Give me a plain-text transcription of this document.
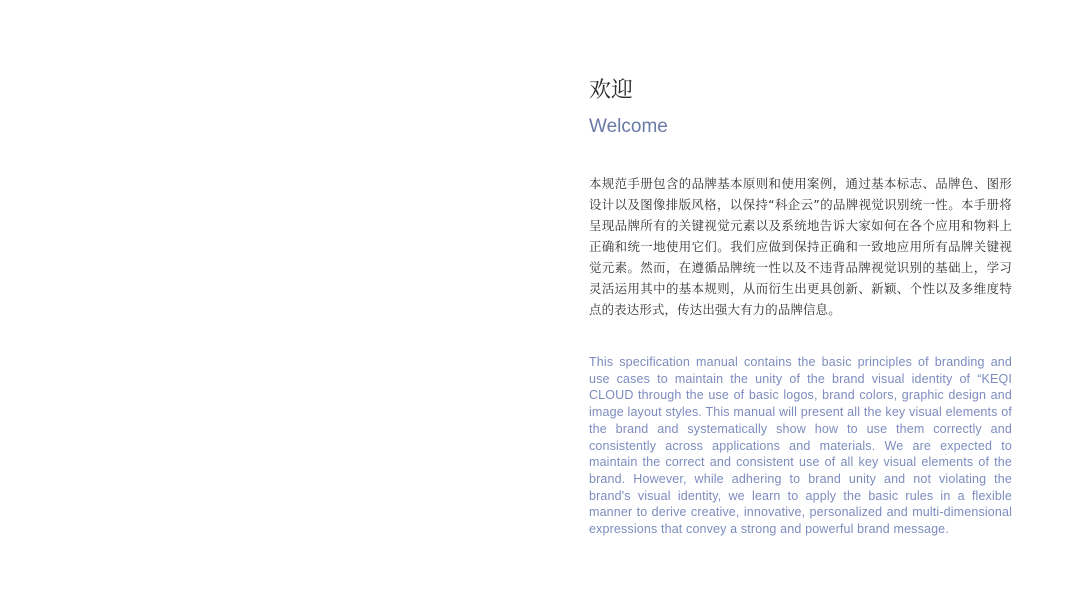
欢迎
Welcome

本规范手册包含的品牌基本原则和使用案例，通过基本标志、品牌色、图形设计以及图像排版风格，以保持“科企云”的品牌视觉识别统一性。本手册将呈现品牌所有的关键视觉元素以及系统地告诉大家如何在各个应用和物料上正确和统一地使用它们。我们应做到保持正确和一致地应用所有品牌关键视觉元素。然而，在遵循品牌统一性以及不违背品牌视觉识别的基础上，学习灵活运用其中的基本规则，从而衍生出更具创新、新颖、个性以及多维度特点的表达形式，传达出强大有力的品牌信息。

This specification manual contains the basic principles of branding and use cases to maintain the unity of the brand visual identity of “KEQI CLOUD through the use of basic logos, brand colors, graphic design and image layout styles. This manual will present all the key visual elements of the brand and systematically show how to use them correctly and consistently across applications and materials. We are expected to maintain the correct and consistent use of all key visual elements of the brand. However, while adhering to brand unity and not violating the brand's visual identity, we learn to apply the basic rules in a flexible manner to derive creative, innovative, personalized and multi-dimensional expressions that convey a strong and powerful brand message.
